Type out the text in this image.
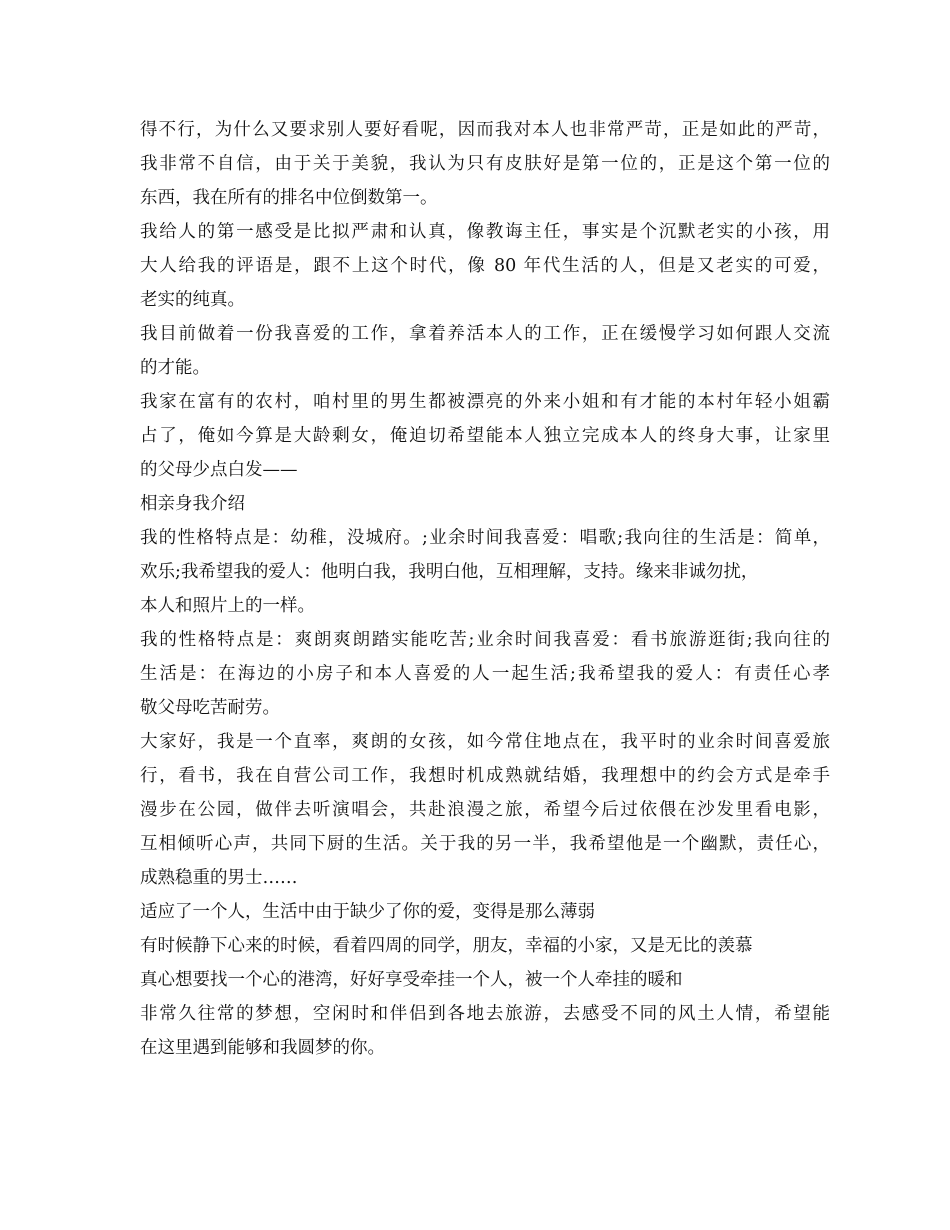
得不行，为什么又要求别人要好看呢，因而我对本人也非常严苛，正是如此的严苛，
我非常不自信，由于关于美貌，我认为只有皮肤好是第一位的，正是这个第一位的
东西，我在所有的排名中位倒数第一。
我给人的第一感受是比拟严肃和认真，像教诲主任，事实是个沉默老实的小孩，用
大人给我的评语是，跟不上这个时代，像 80 年代生活的人，但是又老实的可爱，
老实的纯真。
我目前做着一份我喜爱的工作，拿着养活本人的工作，正在缓慢学习如何跟人交流
的才能。
我家在富有的农村，咱村里的男生都被漂亮的外来小姐和有才能的本村年轻小姐霸
占了，俺如今算是大龄剩女，俺迫切希望能本人独立完成本人的终身大事，让家里
的父母少点白发——
相亲身我介绍
我的性格特点是：幼稚，没城府。;业余时间我喜爱：唱歌;我向往的生活是：简单，
欢乐;我希望我的爱人：他明白我，我明白他，互相理解，支持。缘来非诚勿扰，
本人和照片上的一样。
我的性格特点是：爽朗爽朗踏实能吃苦;业余时间我喜爱：看书旅游逛街;我向往的
生活是：在海边的小房子和本人喜爱的人一起生活;我希望我的爱人：有责任心孝
敬父母吃苦耐劳。
大家好，我是一个直率，爽朗的女孩，如今常住地点在，我平时的业余时间喜爱旅
行，看书，我在自营公司工作，我想时机成熟就结婚，我理想中的约会方式是牵手
漫步在公园，做伴去听演唱会，共赴浪漫之旅，希望今后过依偎在沙发里看电影，
互相倾听心声，共同下厨的生活。关于我的另一半，我希望他是一个幽默，责任心，
成熟稳重的男士……
适应了一个人，生活中由于缺少了你的爱，变得是那么薄弱
有时候静下心来的时候，看着四周的同学，朋友，幸福的小家，又是无比的羡慕
真心想要找一个心的港湾，好好享受牵挂一个人，被一个人牵挂的暖和
非常久往常的梦想，空闲时和伴侣到各地去旅游，去感受不同的风土人情，希望能
在这里遇到能够和我圆梦的你。
